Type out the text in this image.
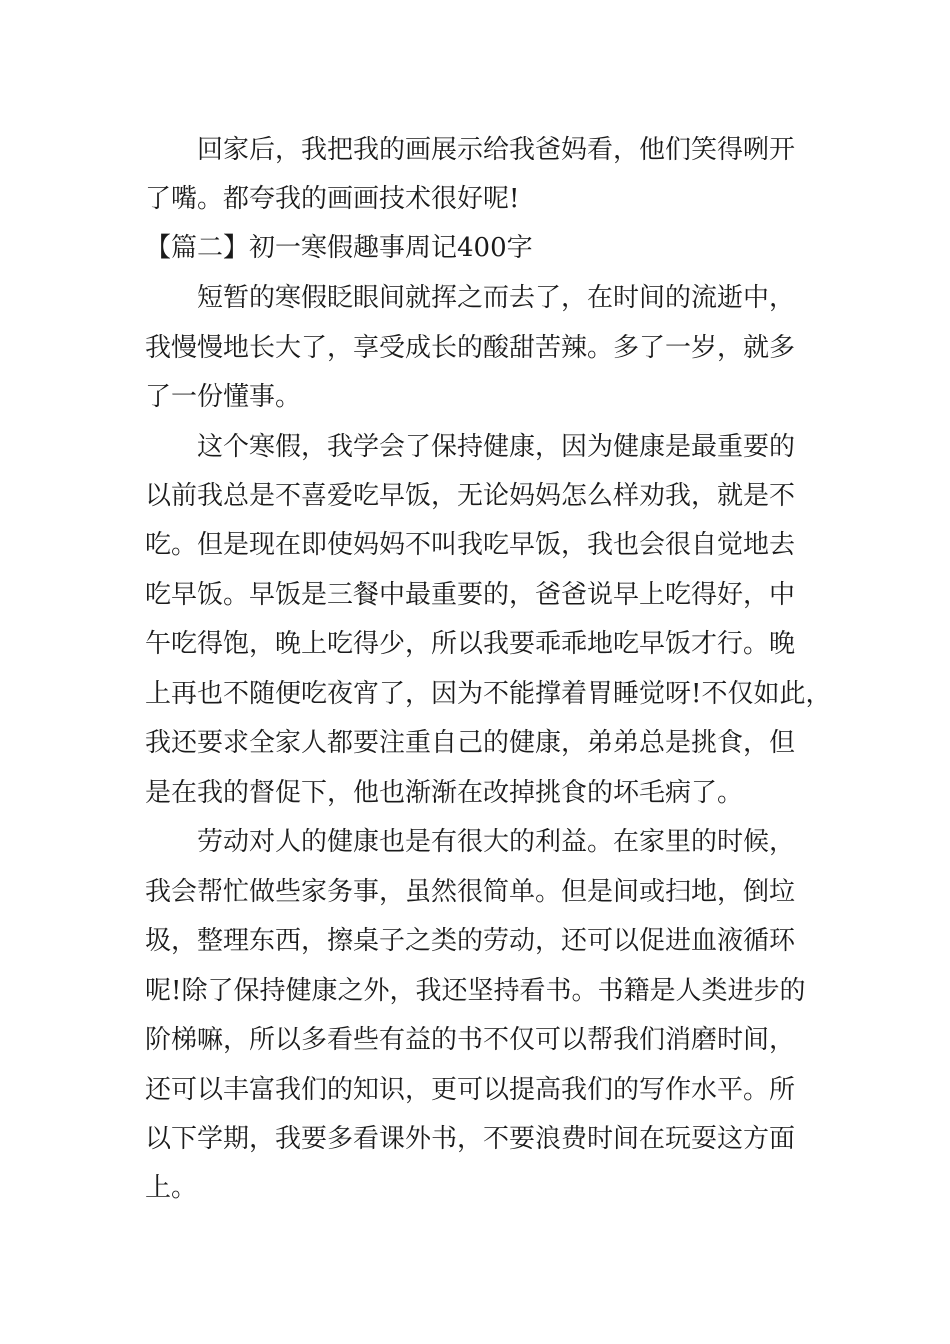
回家后，我把我的画展示给我爸妈看，他们笑得咧开
了嘴。都夸我的画画技术很好呢!
【篇二】初一寒假趣事周记400字
短暂的寒假眨眼间就挥之而去了，在时间的流逝中，
我慢慢地长大了，享受成长的酸甜苦辣。多了一岁，就多
了一份懂事。
这个寒假，我学会了保持健康，因为健康是最重要的
以前我总是不喜爱吃早饭，无论妈妈怎么样劝我，就是不
吃。但是现在即使妈妈不叫我吃早饭，我也会很自觉地去
吃早饭。早饭是三餐中最重要的，爸爸说早上吃得好，中
午吃得饱，晚上吃得少，所以我要乖乖地吃早饭才行。晚
上再也不随便吃夜宵了，因为不能撑着胃睡觉呀!不仅如此，
我还要求全家人都要注重自己的健康，弟弟总是挑食，但
是在我的督促下，他也渐渐在改掉挑食的坏毛病了。
劳动对人的健康也是有很大的利益。在家里的时候，
我会帮忙做些家务事，虽然很简单。但是间或扫地，倒垃
圾，整理东西，擦桌子之类的劳动，还可以促进血液循环
呢!除了保持健康之外，我还坚持看书。书籍是人类进步的
阶梯嘛，所以多看些有益的书不仅可以帮我们消磨时间，
还可以丰富我们的知识，更可以提高我们的写作水平。所
以下学期，我要多看课外书，不要浪费时间在玩耍这方面
上。
